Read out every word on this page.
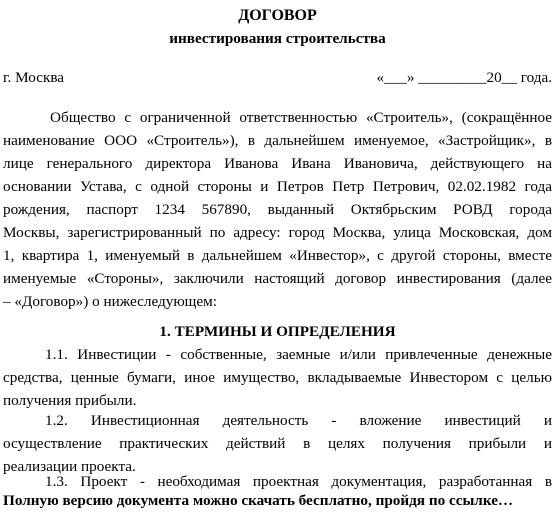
ДОГОВОР
инвестирования строительства
г. Москва	«___» _________20__ года.
Общество с ограниченной ответственностью «Строитель», (сокращённое
наименование ООО «Строитель»), в дальнейшем именуемое, «Застройщик», в
лице генерального директора Иванова Ивана Ивановича, действующего на
основании Устава, с одной стороны и Петров Петр Петрович, 02.02.1982 года
рождения, паспорт 1234 567890, выданный Октябрьским РОВД города
Москвы, зарегистрированный по адресу: город Москва, улица Московская, дом
1, квартира 1, именуемый в дальнейшем «Инвестор», с другой стороны, вместе
именуемые «Стороны», заключили настоящий договор инвестирования (далее
– «Договор») о нижеследующем:
1. ТЕРМИНЫ И ОПРЕДЕЛЕНИЯ
1.1. Инвестиции - собственные, заемные и/или привлеченные денежные
средства, ценные бумаги, иное имущество, вкладываемые Инвестором с целью
получения прибыли.
1.2. Инвестиционная деятельность - вложение инвестиций и
осуществление практических действий в целях получения прибыли и
реализации проекта.
1.3. Проект - необходимая проектная документация, разработанная в
Полную версию документа можно скачать бесплатно, пройдя по ссылке…
